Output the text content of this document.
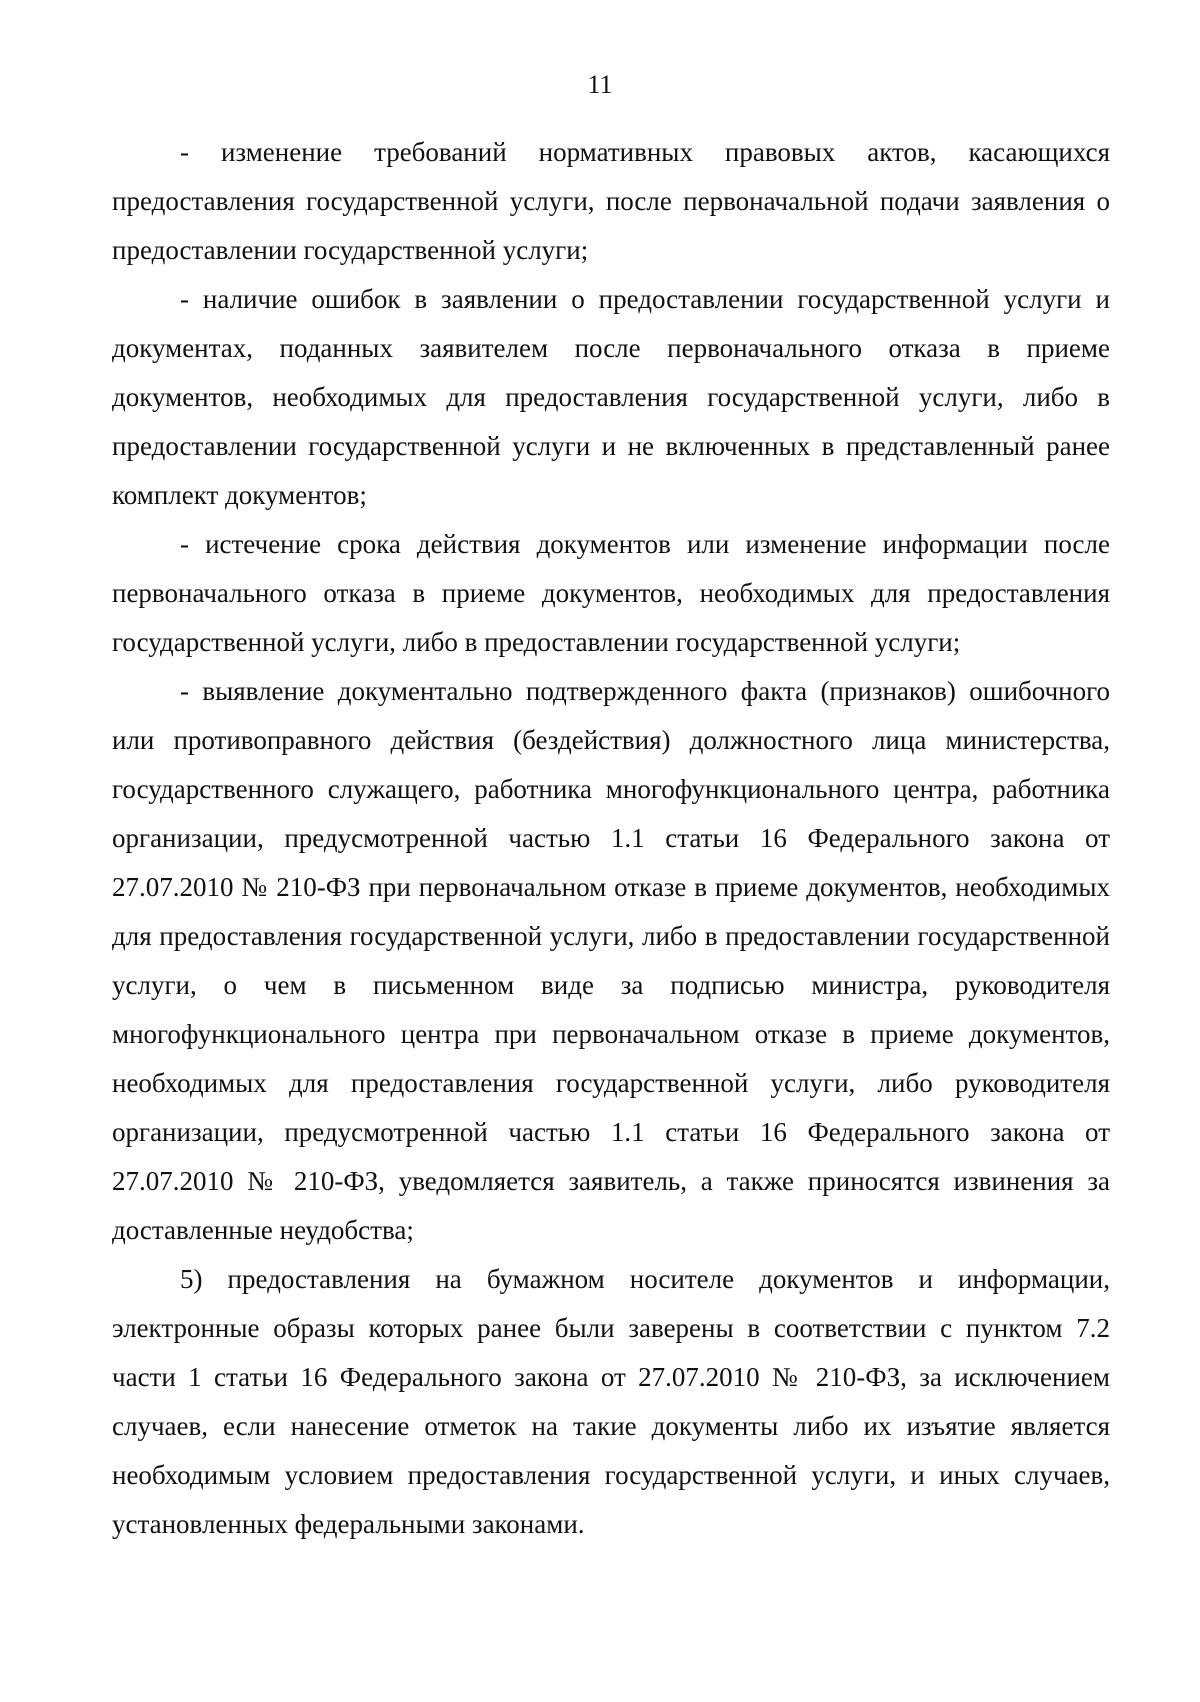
11

- изменение требований нормативных правовых актов, касающихся предоставления государственной услуги, после первоначальной подачи заявления о предоставлении государственной услуги;

- наличие ошибок в заявлении о предоставлении государственной услуги и документах, поданных заявителем после первоначального отказа в приеме документов, необходимых для предоставления государственной услуги, либо в предоставлении государственной услуги и не включенных в представленный ранее комплект документов;

- истечение срока действия документов или изменение информации после первоначального отказа в приеме документов, необходимых для предоставления государственной услуги, либо в предоставлении государственной услуги;

- выявление документально подтвержденного факта (признаков) ошибочного или противоправного действия (бездействия) должностного лица министерства, государственного служащего, работника многофункционального центра, работника организации, предусмотренной частью 1.1 статьи 16 Федерального закона от 27.07.2010 № 210-ФЗ при первоначальном отказе в приеме документов, необходимых для предоставления государственной услуги, либо в предоставлении государственной услуги, о чем в письменном виде за подписью министра, руководителя многофункционального центра при первоначальном отказе в приеме документов, необходимых для предоставления государственной услуги, либо руководителя организации, предусмотренной частью 1.1 статьи 16 Федерального закона от 27.07.2010 № 210-ФЗ, уведомляется заявитель, а также приносятся извинения за доставленные неудобства;

5) предоставления на бумажном носителе документов и информации, электронные образы которых ранее были заверены в соответствии с пунктом 7.2 части 1 статьи 16 Федерального закона от 27.07.2010 № 210-ФЗ, за исключением случаев, если нанесение отметок на такие документы либо их изъятие является необходимым условием предоставления государственной услуги, и иных случаев, установленных федеральными законами.
